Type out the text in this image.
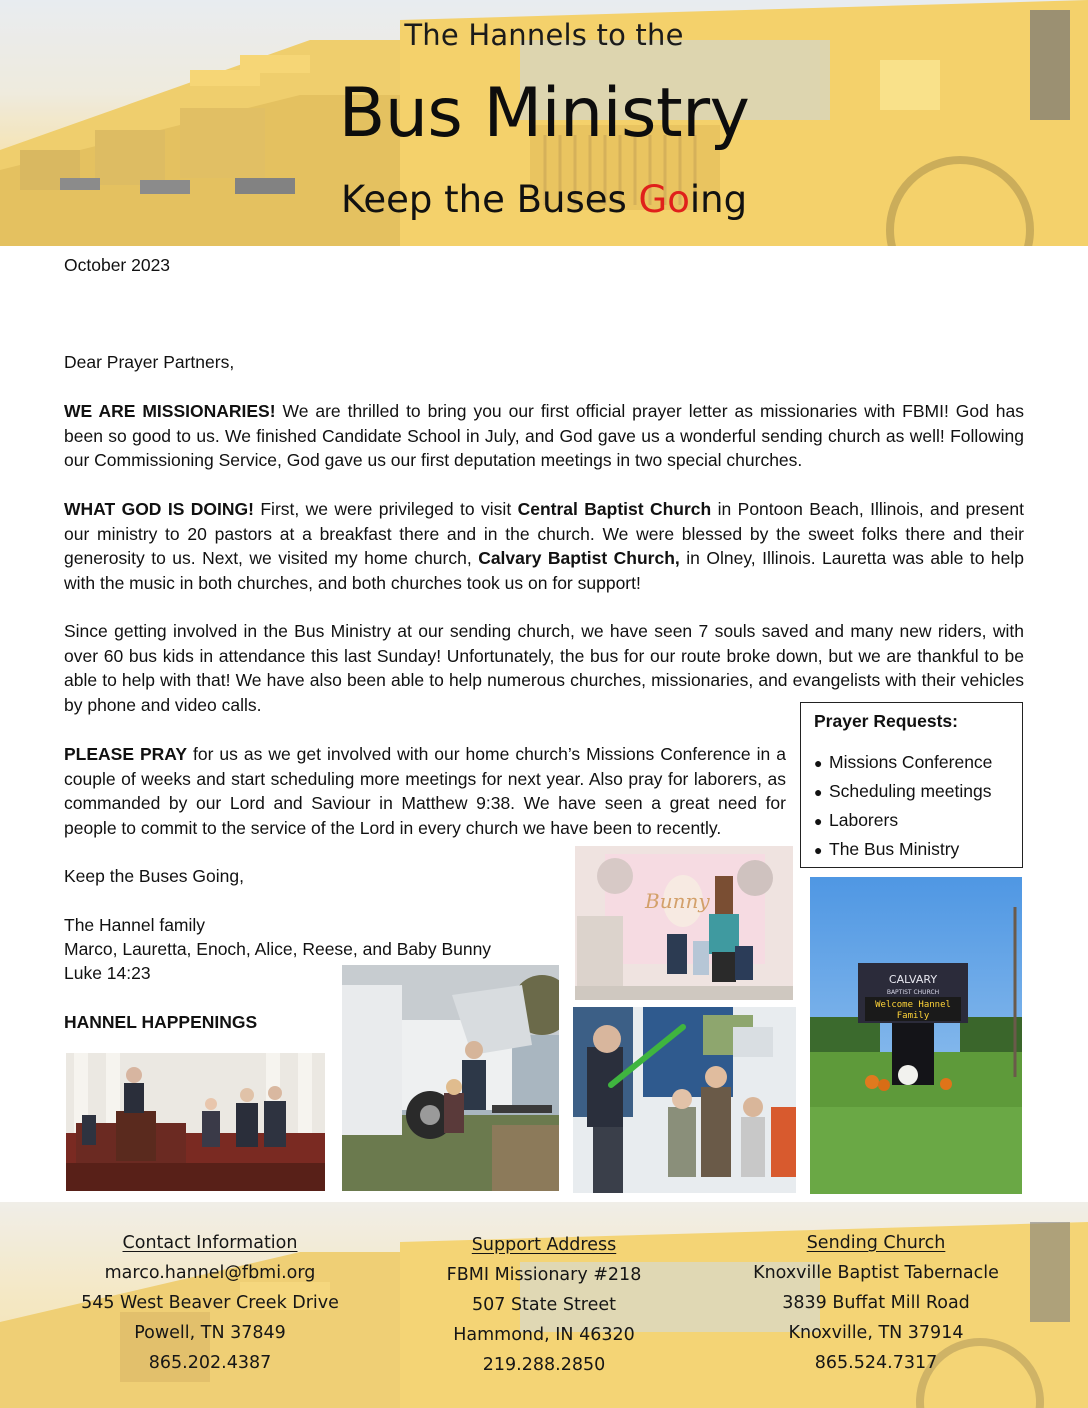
The Hannels to the
Bus Ministry
Keep the Buses Going
October 2023
Dear Prayer Partners,
WE ARE MISSIONARIES! We are thrilled to bring you our first official prayer letter as missionaries with FBMI! God has been so good to us. We finished Candidate School in July, and God gave us a wonderful sending church as well! Following our Commissioning Service, God gave us our first deputation meetings in two special churches.
WHAT GOD IS DOING! First, we were privileged to visit Central Baptist Church in Pontoon Beach, Illinois, and present our ministry to 20 pastors at a breakfast there and in the church. We were blessed by the sweet folks there and their generosity to us. Next, we visited my home church, Calvary Baptist Church, in Olney, Illinois. Lauretta was able to help with the music in both churches, and both churches took us on for support!
Since getting involved in the Bus Ministry at our sending church, we have seen 7 souls saved and many new riders, with over 60 bus kids in attendance this last Sunday! Unfortunately, the bus for our route broke down, but we are thankful to be able to help with that! We have also been able to help numerous churches, missionaries, and evangelists with their vehicles by phone and video calls.
PLEASE PRAY for us as we get involved with our home church’s Missions Conference in a couple of weeks and start scheduling more meetings for next year. Also pray for laborers, as commanded by our Lord and Saviour in Matthew 9:38. We have seen a great need for people to commit to the service of the Lord in every church we have been to recently.
Keep the Buses Going,
The Hannel family
Marco, Lauretta, Enoch, Alice, Reese, and Baby Bunny
Luke 14:23
HANNEL HAPPENINGS
Prayer Requests:
● Missions Conference
● Scheduling meetings
● Laborers
● The Bus Ministry
Bunny
CALVARY
BAPTIST CHURCH
Welcome Hannel
Family
Contact Information
marco.hannel@fbmi.org
545 West Beaver Creek Drive
Powell, TN 37849
865.202.4387
Support Address
FBMI Missionary #218
507 State Street
Hammond, IN 46320
219.288.2850
Sending Church
Knoxville Baptist Tabernacle
3839 Buffat Mill Road
Knoxville, TN 37914
865.524.7317
